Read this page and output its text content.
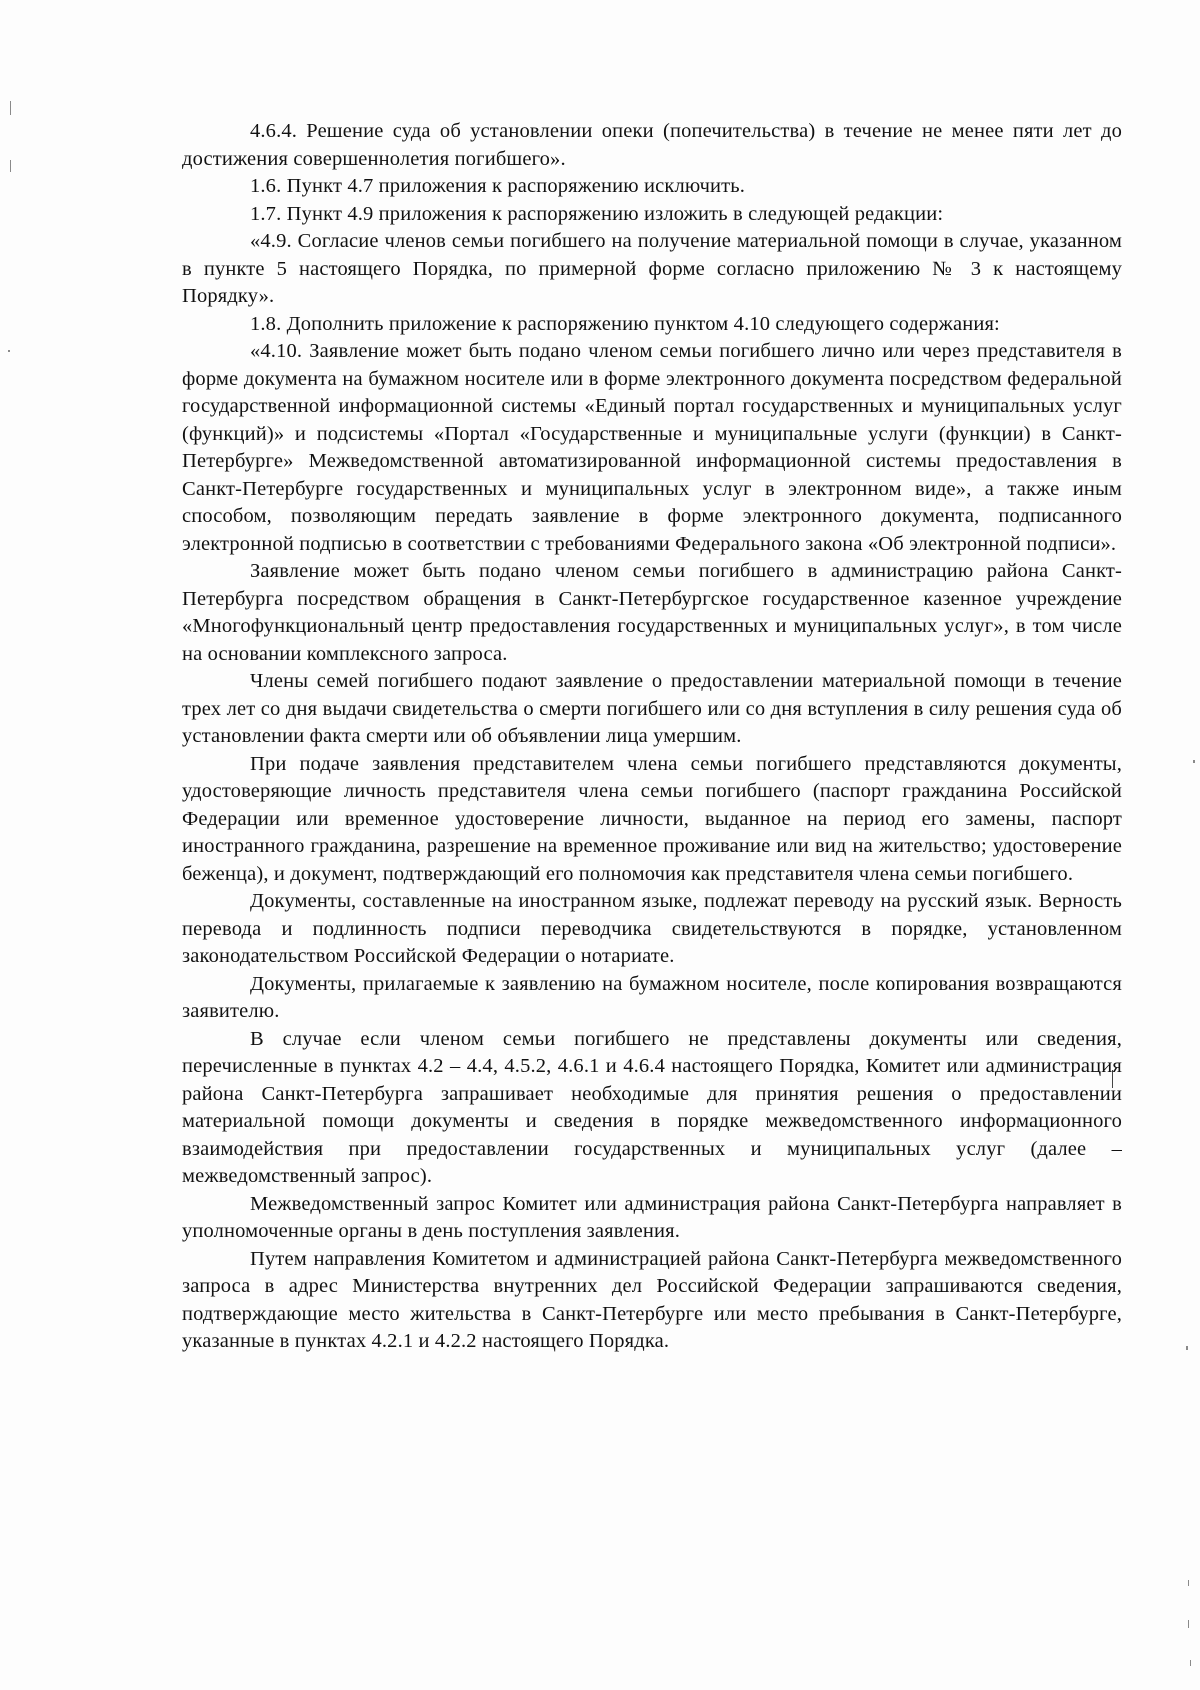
4.6.4. Решение суда об установлении опеки (попечительства) в течение не менее пяти лет до достижения совершеннолетия погибшего».

1.6. Пункт 4.7 приложения к распоряжению исключить.

1.7. Пункт 4.9 приложения к распоряжению изложить в следующей редакции:

«4.9. Согласие членов семьи погибшего на получение материальной помощи в случае, указанном в пункте 5 настоящего Порядка, по примерной форме согласно приложению № 3 к настоящему Порядку».

1.8. Дополнить приложение к распоряжению пунктом 4.10 следующего содержания:

«4.10. Заявление может быть подано членом семьи погибшего лично или через представителя в форме документа на бумажном носителе или в форме электронного документа посредством федеральной государственной информационной системы «Единый портал государственных и муниципальных услуг (функций)» и подсистемы «Портал «Государственные и муниципальные услуги (функции) в Санкт-Петербурге» Межведомственной автоматизированной информационной системы предоставления в Санкт-Петербурге государственных и муниципальных услуг в электронном виде», а также иным способом, позволяющим передать заявление в форме электронного документа, подписанного электронной подписью в соответствии с требованиями Федерального закона «Об электронной подписи».

Заявление может быть подано членом семьи погибшего в администрацию района Санкт-Петербурга посредством обращения в Санкт-Петербургское государственное казенное учреждение «Многофункциональный центр предоставления государственных и муниципальных услуг», в том числе на основании комплексного запроса.

Члены семей погибшего подают заявление о предоставлении материальной помощи в течение трех лет со дня выдачи свидетельства о смерти погибшего или со дня вступления в силу решения суда об установлении факта смерти или об объявлении лица умершим.

При подаче заявления представителем члена семьи погибшего представляются документы, удостоверяющие личность представителя члена семьи погибшего (паспорт гражданина Российской Федерации или временное удостоверение личности, выданное на период его замены, паспорт иностранного гражданина, разрешение на временное проживание или вид на жительство; удостоверение беженца), и документ, подтверждающий его полномочия как представителя члена семьи погибшего.

Документы, составленные на иностранном языке, подлежат переводу на русский язык. Верность перевода и подлинность подписи переводчика свидетельствуются в порядке, установленном законодательством Российской Федерации о нотариате.

Документы, прилагаемые к заявлению на бумажном носителе, после копирования возвращаются заявителю.

В случае если членом семьи погибшего не представлены документы или сведения, перечисленные в пунктах 4.2 – 4.4, 4.5.2, 4.6.1 и 4.6.4 настоящего Порядка, Комитет или администрация района Санкт-Петербурга запрашивает необходимые для принятия решения о предоставлении материальной помощи документы и сведения в порядке межведомственного информационного взаимодействия при предоставлении государственных и муниципальных услуг (далее – межведомственный запрос).

Межведомственный запрос Комитет или администрация района Санкт-Петербурга направляет в уполномоченные органы в день поступления заявления.

Путем направления Комитетом и администрацией района Санкт-Петербурга межведомственного запроса в адрес Министерства внутренних дел Российской Федерации запрашиваются сведения, подтверждающие место жительства в Санкт-Петербурге или место пребывания в Санкт-Петербурге, указанные в пунктах 4.2.1 и 4.2.2 настоящего Порядка.
